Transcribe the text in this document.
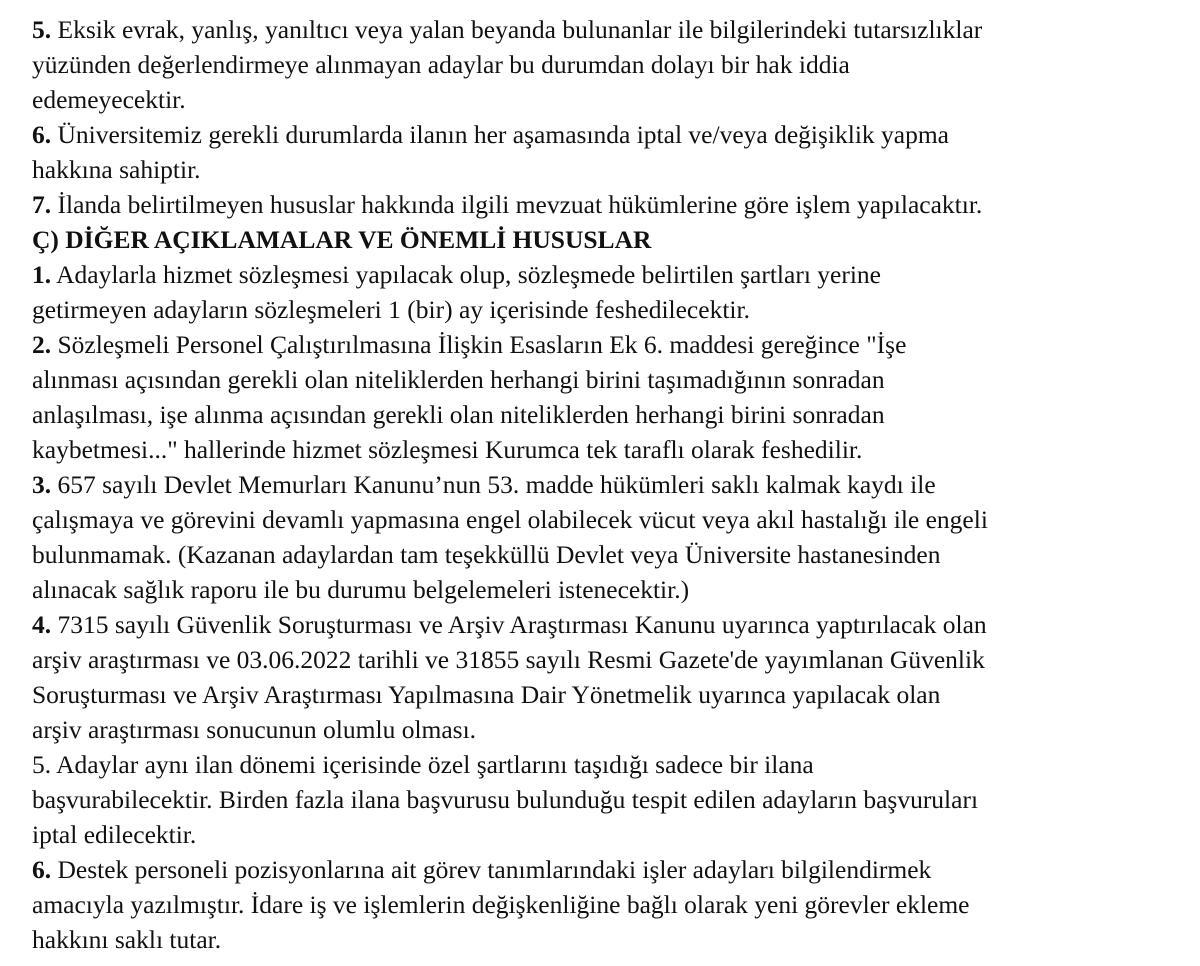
5. Eksik evrak, yanlış, yanıltıcı veya yalan beyanda bulunanlar ile bilgilerindeki tutarsızlıklar
yüzünden değerlendirmeye alınmayan adaylar bu durumdan dolayı bir hak iddia
edemeyecektir.
6. Üniversitemiz gerekli durumlarda ilanın her aşamasında iptal ve/veya değişiklik yapma
hakkına sahiptir.
7. İlanda belirtilmeyen hususlar hakkında ilgili mevzuat hükümlerine göre işlem yapılacaktır.
Ç) DİĞER AÇIKLAMALAR VE ÖNEMLİ HUSUSLAR
1. Adaylarla hizmet sözleşmesi yapılacak olup, sözleşmede belirtilen şartları yerine
getirmeyen adayların sözleşmeleri 1 (bir) ay içerisinde feshedilecektir.
2. Sözleşmeli Personel Çalıştırılmasına İlişkin Esasların Ek 6. maddesi gereğince "İşe
alınması açısından gerekli olan niteliklerden herhangi birini taşımadığının sonradan
anlaşılması, işe alınma açısından gerekli olan niteliklerden herhangi birini sonradan
kaybetmesi..." hallerinde hizmet sözleşmesi Kurumca tek taraflı olarak feshedilir.
3. 657 sayılı Devlet Memurları Kanunu’nun 53. madde hükümleri saklı kalmak kaydı ile
çalışmaya ve görevini devamlı yapmasına engel olabilecek vücut veya akıl hastalığı ile engeli
bulunmamak. (Kazanan adaylardan tam teşekküllü Devlet veya Üniversite hastanesinden
alınacak sağlık raporu ile bu durumu belgelemeleri istenecektir.)
4. 7315 sayılı Güvenlik Soruşturması ve Arşiv Araştırması Kanunu uyarınca yaptırılacak olan
arşiv araştırması ve 03.06.2022 tarihli ve 31855 sayılı Resmi Gazete'de yayımlanan Güvenlik
Soruşturması ve Arşiv Araştırması Yapılmasına Dair Yönetmelik uyarınca yapılacak olan
arşiv araştırması sonucunun olumlu olması.
5. Adaylar aynı ilan dönemi içerisinde özel şartlarını taşıdığı sadece bir ilana
başvurabilecektir. Birden fazla ilana başvurusu bulunduğu tespit edilen adayların başvuruları
iptal edilecektir.
6. Destek personeli pozisyonlarına ait görev tanımlarındaki işler adayları bilgilendirmek
amacıyla yazılmıştır. İdare iş ve işlemlerin değişkenliğine bağlı olarak yeni görevler ekleme
hakkını saklı tutar.
